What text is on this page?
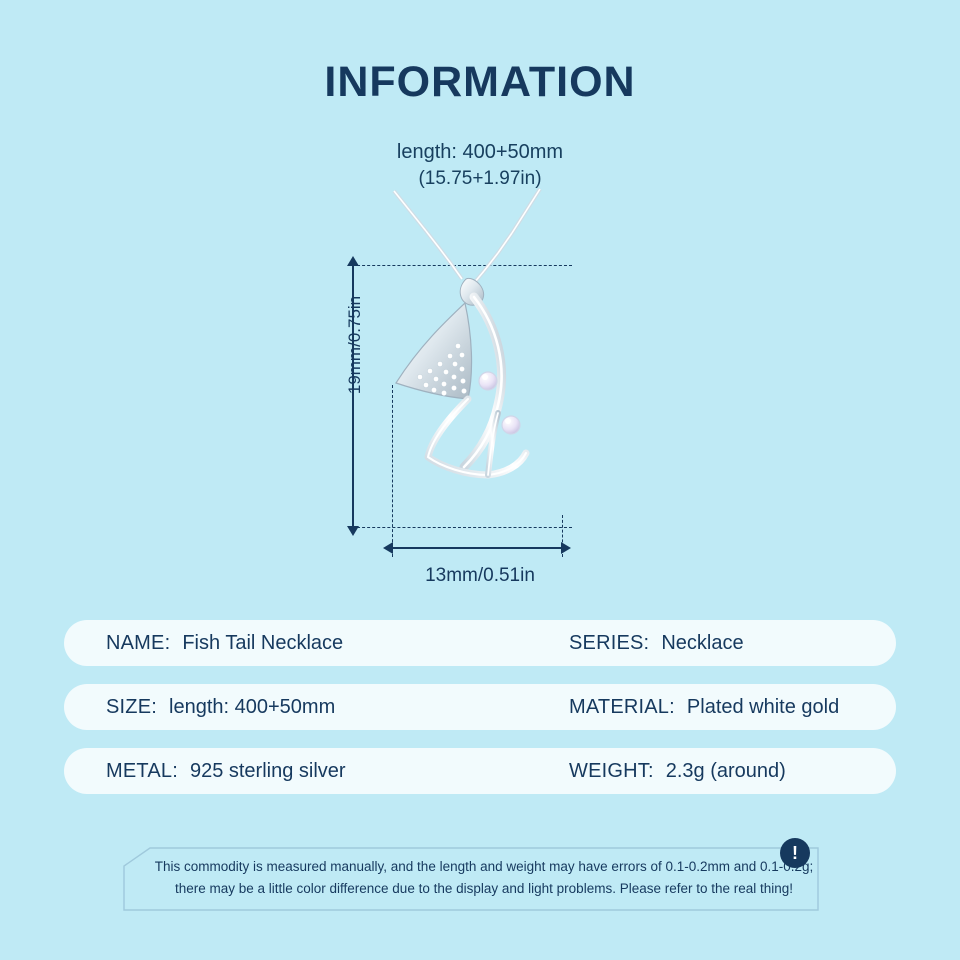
INFORMATION
length: 400+50mm
(15.75+1.97in)
19mm/0.75in
13mm/0.51in
NAME: Fish Tail Necklace	SERIES: Necklace
SIZE: length: 400+50mm	MATERIAL: Plated white gold
METAL: 925 sterling silver	WEIGHT: 2.3g (around)
!
This commodity is measured manually, and the length and weight may have errors of 0.1-0.2mm and 0.1-0.2g; there may be a little color difference due to the display and light problems. Please refer to the real thing!
